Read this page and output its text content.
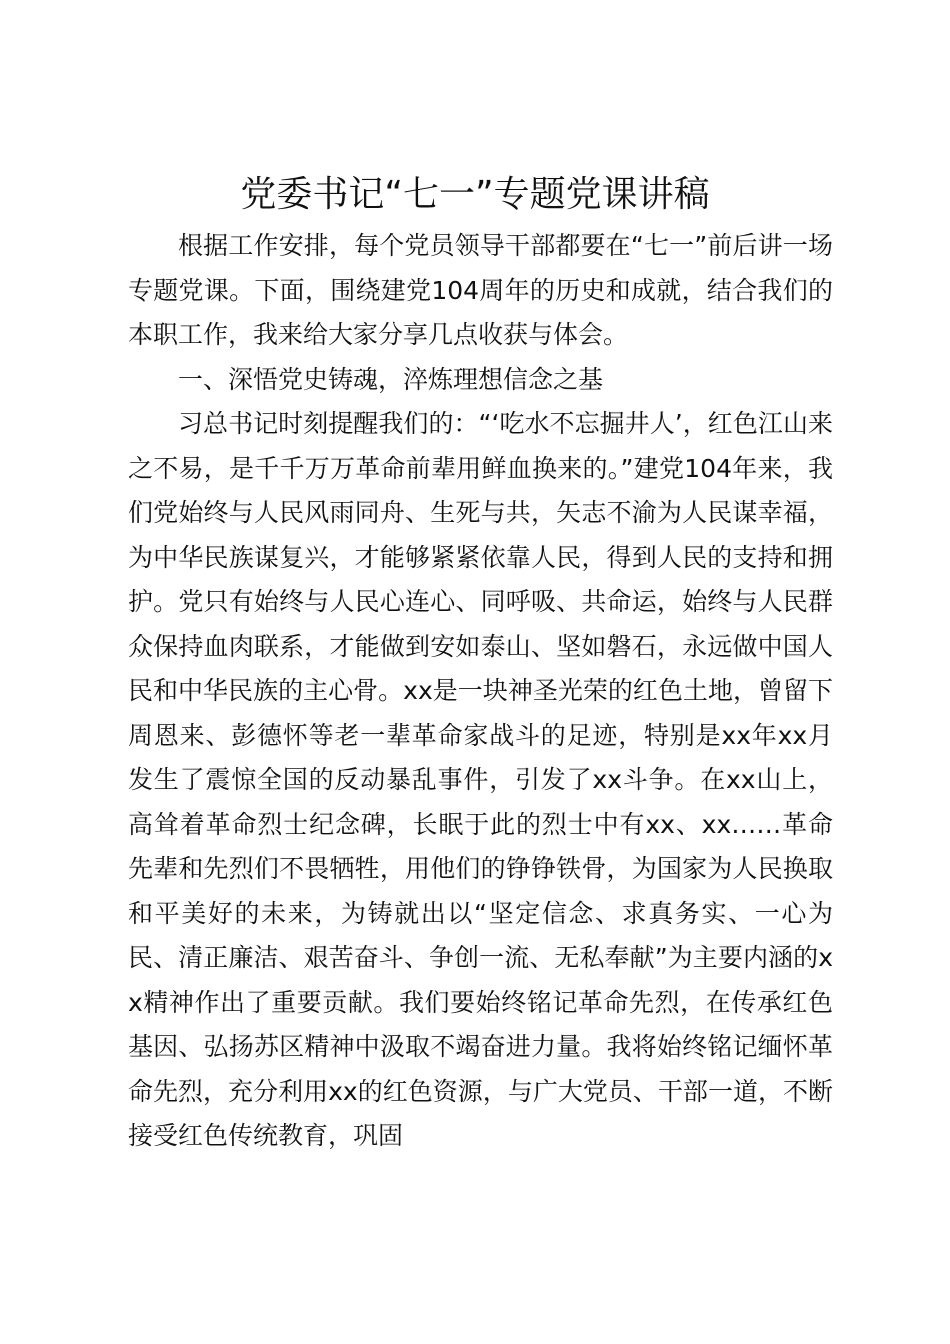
党委书记“七一”专题党课讲稿

根据工作安排，每个党员领导干部都要在“七一”前后讲一场专题党课。下面，围绕建党104周年的历史和成就，结合我们的本职工作，我来给大家分享几点收获与体会。

一、深悟党史铸魂，淬炼理想信念之基

习总书记时刻提醒我们的：“‘吃水不忘掘井人’，红色江山来之不易，是千千万万革命前辈用鲜血换来的。”建党104年来，我们党始终与人民风雨同舟、生死与共，矢志不渝为人民谋幸福，为中华民族谋复兴，才能够紧紧依靠人民，得到人民的支持和拥护。党只有始终与人民心连心、同呼吸、共命运，始终与人民群众保持血肉联系，才能做到安如泰山、坚如磐石，永远做中国人民和中华民族的主心骨。xx是一块神圣光荣的红色土地，曾留下周恩来、彭德怀等老一辈革命家战斗的足迹，特别是xx年xx月发生了震惊全国的反动暴乱事件，引发了xx斗争。在xx山上，高耸着革命烈士纪念碑，长眠于此的烈士中有xx、xx……革命先辈和先烈们不畏牺牲，用他们的铮铮铁骨，为国家为人民换取和平美好的未来，为铸就出以“坚定信念、求真务实、一心为民、清正廉洁、艰苦奋斗、争创一流、无私奉献”为主要内涵的xx精神作出了重要贡献。我们要始终铭记革命先烈，在传承红色基因、弘扬苏区精神中汲取不竭奋进力量。我将始终铭记缅怀革命先烈，充分利用xx的红色资源，与广大党员、干部一道，不断接受红色传统教育，巩固
